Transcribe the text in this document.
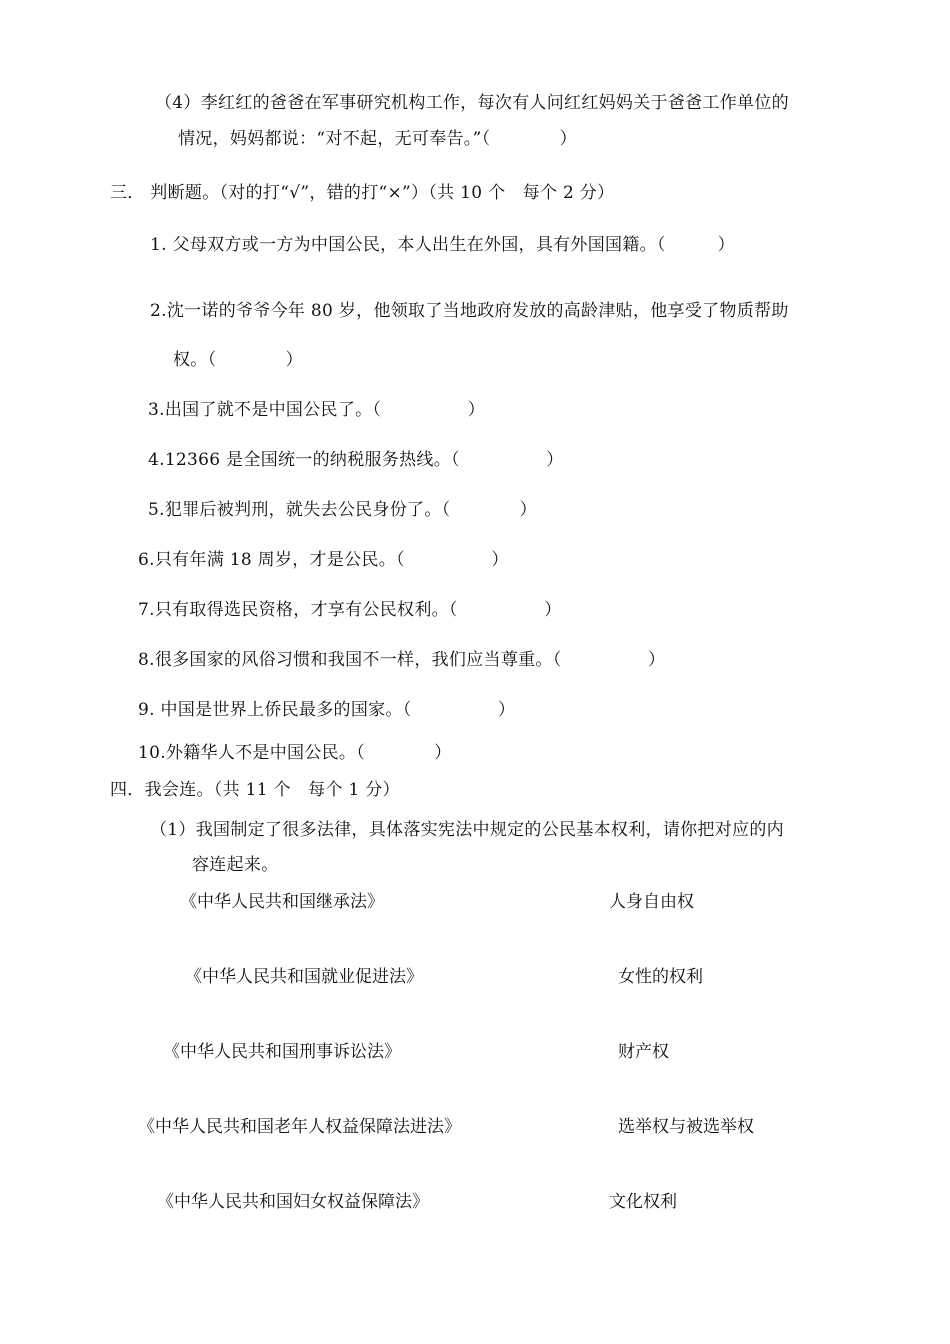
（4）李红红的爸爸在军事研究机构工作，每次有人问红红妈妈关于爸爸工作单位的
情况，妈妈都说：“对不起，无可奉告。”（　　　　）
三． 判断题。（对的打“√”，错的打“×”）（共 10 个　每个 2 分）
1. 父母双方或一方为中国公民，本人出生在外国，具有外国国籍。（　　　）
2.沈一诺的爷爷今年 80 岁，他领取了当地政府发放的高龄津贴，他享受了物质帮助
权。（　　　　）
3.出国了就不是中国公民了。（　　　　　）
4.12366 是全国统一的纳税服务热线。（　　　　　）
5.犯罪后被判刑，就失去公民身份了。（　　　　）
6.只有年满 18 周岁，才是公民。（　　　　　）
7.只有取得选民资格，才享有公民权利。（　　　　　）
8.很多国家的风俗习惯和我国不一样，我们应当尊重。（　　　　　）
9. 中国是世界上侨民最多的国家。（　　　　　）
10.外籍华人不是中国公民。（　　　　）
四．我会连。（共 11 个　每个 1 分）
（1）我国制定了很多法律，具体落实宪法中规定的公民基本权利，请你把对应的内
容连起来。
《中华人民共和国继承法》
《中华人民共和国就业促进法》
《中华人民共和国刑事诉讼法》
《中华人民共和国老年人权益保障法进法》
《中华人民共和国妇女权益保障法》
人身自由权
女性的权利
财产权
选举权与被选举权
文化权利
